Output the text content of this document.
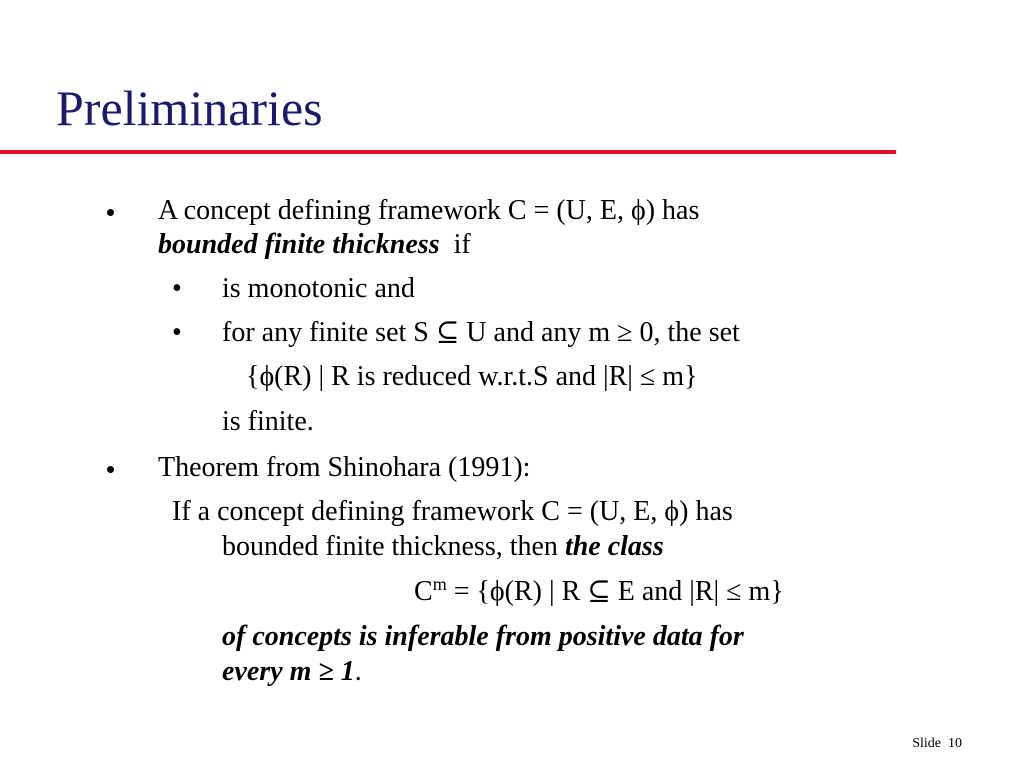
Preliminaries
A concept defining framework C = (U, E, ϕ) has
bounded finite thickness  if
• is monotonic and
• for any finite set S ⊆ U and any m ≥ 0, the set
{ϕ(R) | R is reduced w.r.t.S and |R| ≤ m}
is finite.
Theorem from Shinohara (1991):
If a concept defining framework C = (U, E, ϕ) has
bounded finite thickness, then the class
$C^m = \{\phi(R)$ | R ⊆ E and |R| ≤ m}
of concepts is inferable from positive data for
every m ≥ 1.
Slide 10
